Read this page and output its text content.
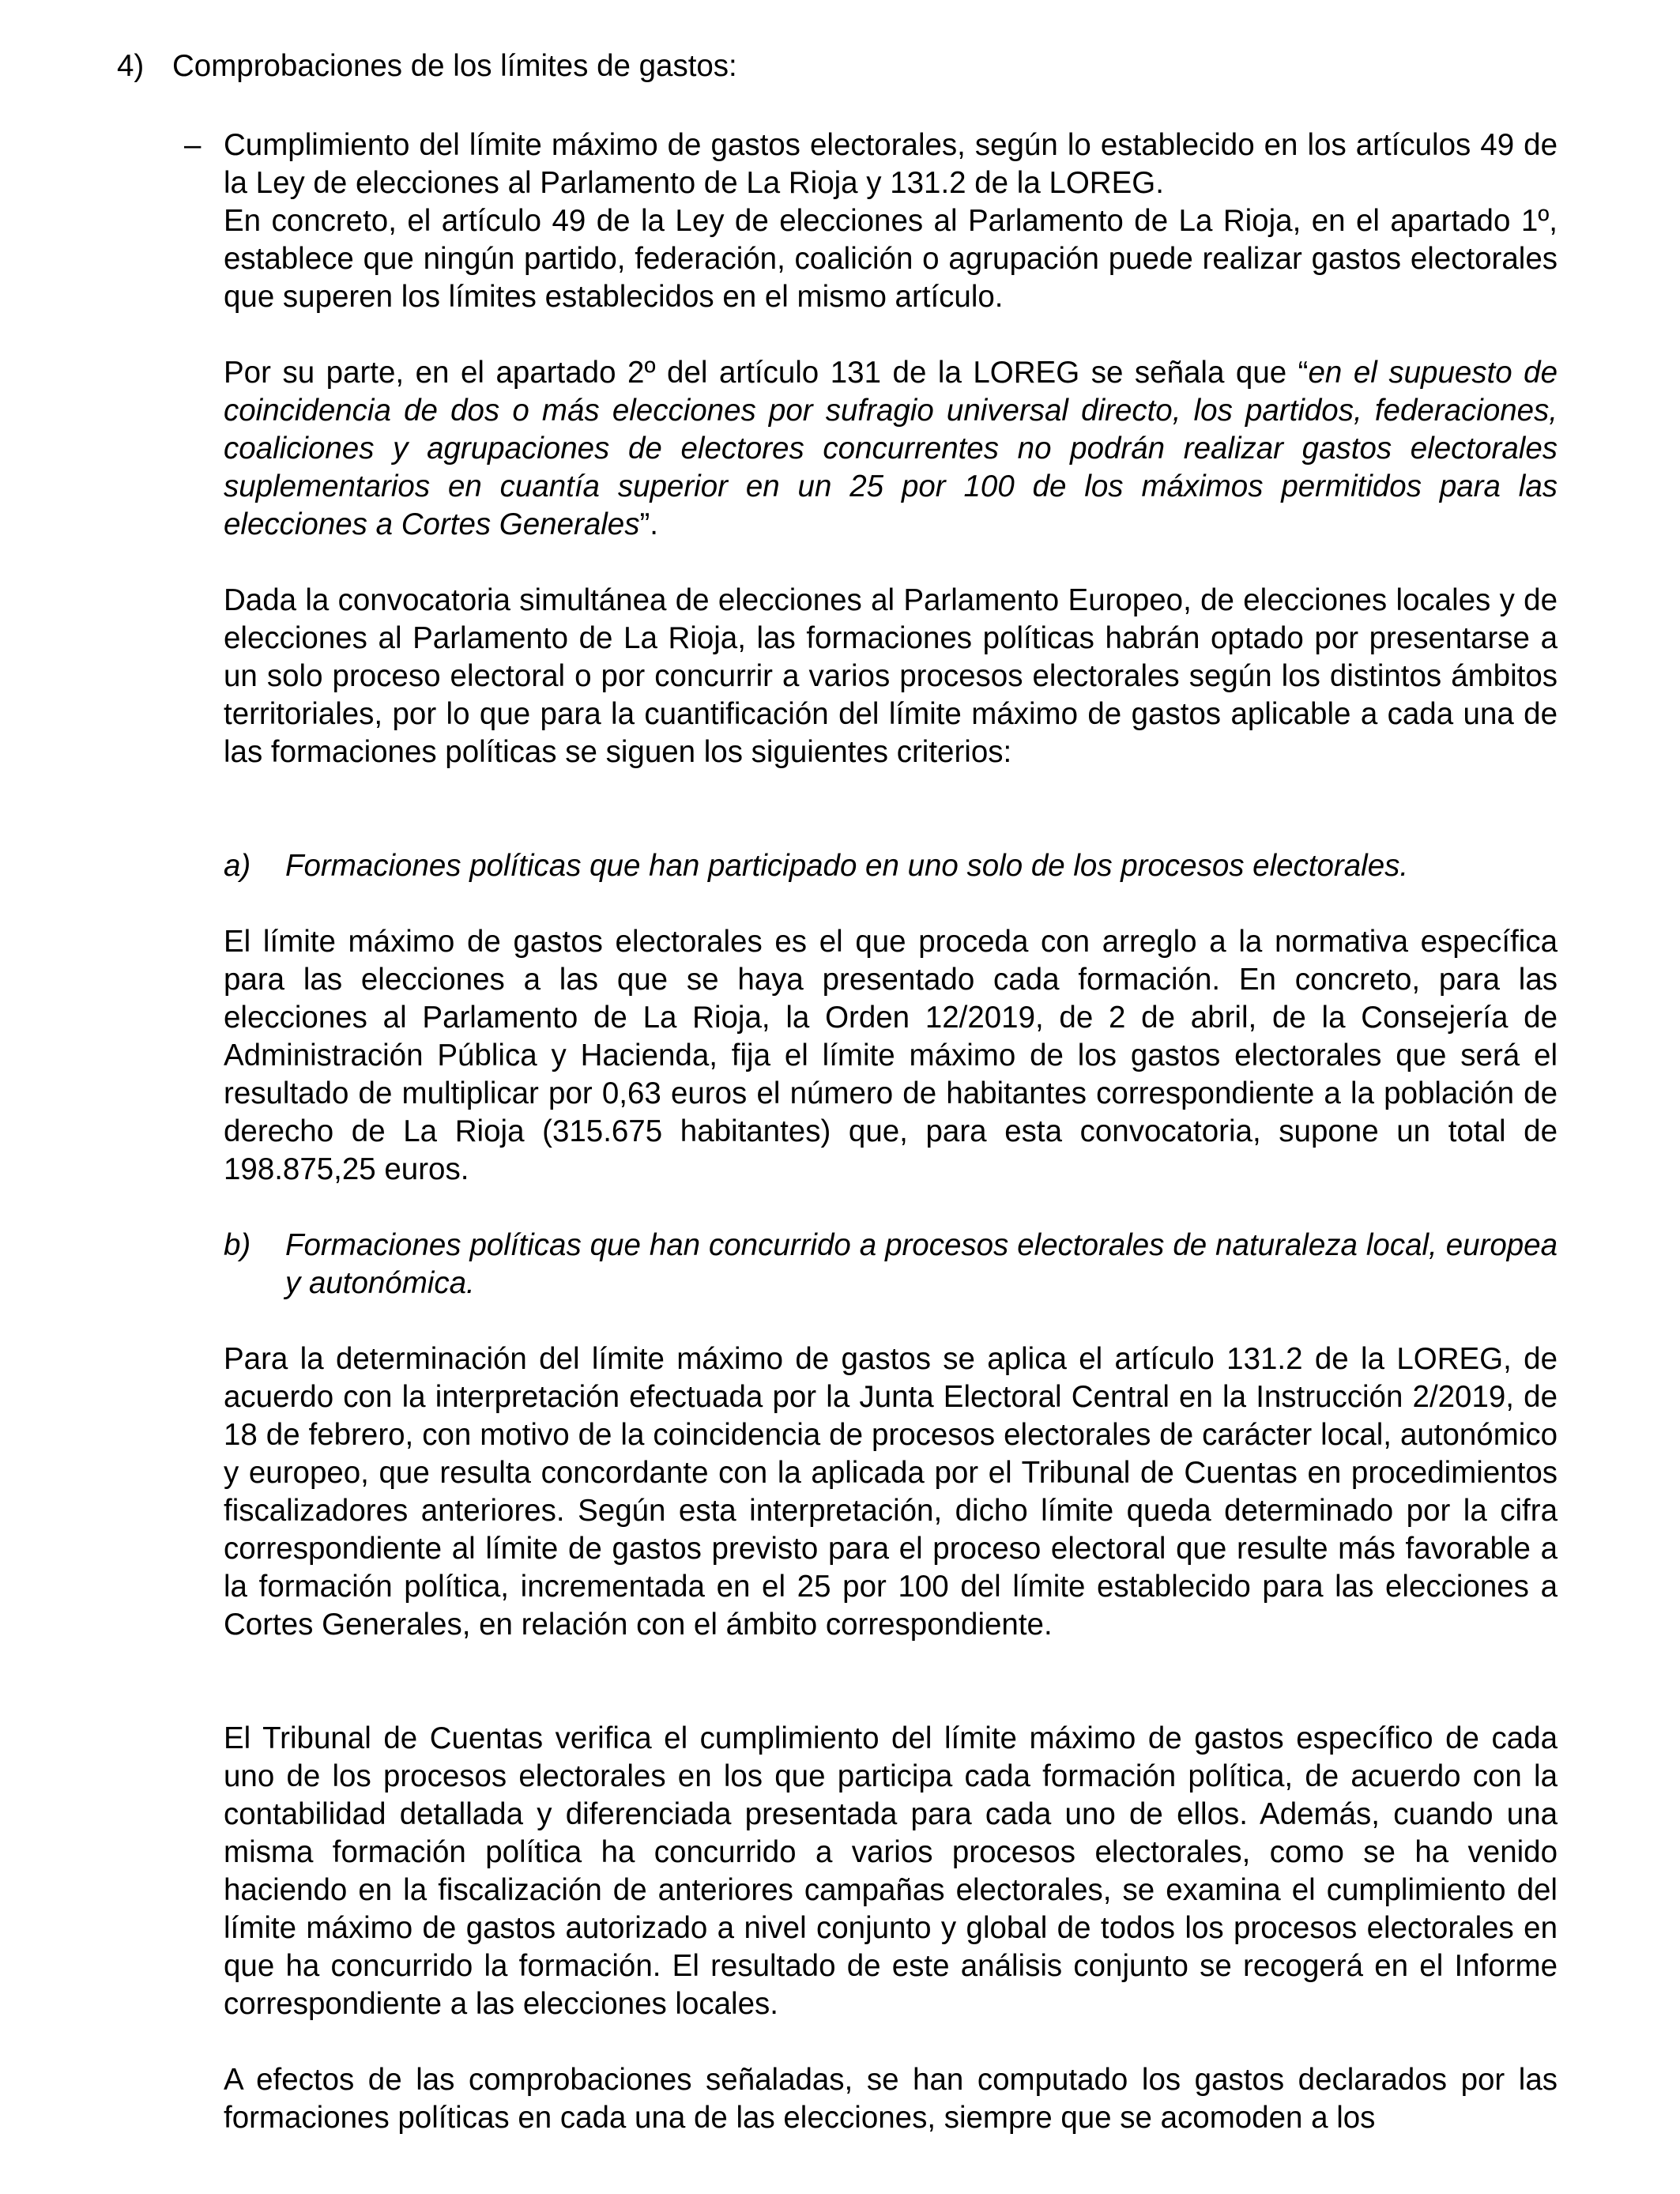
4) Comprobaciones de los límites de gastos:
– Cumplimiento del límite máximo de gastos electorales, según lo establecido en los artículos 49 de la Ley de elecciones al Parlamento de La Rioja y 131.2 de la LOREG.

En concreto, el artículo 49 de la Ley de elecciones al Parlamento de La Rioja, en el apartado 1º, establece que ningún partido, federación, coalición o agrupación puede realizar gastos electorales que superen los límites establecidos en el mismo artículo.

Por su parte, en el apartado 2º del artículo 131 de la LOREG se señala que “en el supuesto de coincidencia de dos o más elecciones por sufragio universal directo, los partidos, federaciones, coaliciones y agrupaciones de electores concurrentes no podrán realizar gastos electorales suplementarios en cuantía superior en un 25 por 100 de los máximos permitidos para las elecciones a Cortes Generales”.

Dada la convocatoria simultánea de elecciones al Parlamento Europeo, de elecciones locales y de elecciones al Parlamento de La Rioja, las formaciones políticas habrán optado por presentarse a un solo proceso electoral o por concurrir a varios procesos electorales según los distintos ámbitos territoriales, por lo que para la cuantificación del límite máximo de gastos aplicable a cada una de las formaciones políticas se siguen los siguientes criterios:

a) Formaciones políticas que han participado en uno solo de los procesos electorales.

El límite máximo de gastos electorales es el que proceda con arreglo a la normativa específica para las elecciones a las que se haya presentado cada formación. En concreto, para las elecciones al Parlamento de La Rioja, la Orden 12/2019, de 2 de abril, de la Consejería de Administración Pública y Hacienda, fija el límite máximo de los gastos electorales que será el resultado de multiplicar por 0,63 euros el número de habitantes correspondiente a la población de derecho de La Rioja (315.675 habitantes) que, para esta convocatoria, supone un total de 198.875,25 euros.

b) Formaciones políticas que han concurrido a procesos electorales de naturaleza local, europea y autonómica.

Para la determinación del límite máximo de gastos se aplica el artículo 131.2 de la LOREG, de acuerdo con la interpretación efectuada por la Junta Electoral Central en la Instrucción 2/2019, de 18 de febrero, con motivo de la coincidencia de procesos electorales de carácter local, autonómico y europeo, que resulta concordante con la aplicada por el Tribunal de Cuentas en procedimientos fiscalizadores anteriores. Según esta interpretación, dicho límite queda determinado por la cifra correspondiente al límite de gastos previsto para el proceso electoral que resulte más favorable a la formación política, incrementada en el 25 por 100 del límite establecido para las elecciones a Cortes Generales, en relación con el ámbito correspondiente.

El Tribunal de Cuentas verifica el cumplimiento del límite máximo de gastos específico de cada uno de los procesos electorales en los que participa cada formación política, de acuerdo con la contabilidad detallada y diferenciada presentada para cada uno de ellos. Además, cuando una misma formación política ha concurrido a varios procesos electorales, como se ha venido haciendo en la fiscalización de anteriores campañas electorales, se examina el cumplimiento del límite máximo de gastos autorizado a nivel conjunto y global de todos los procesos electorales en que ha concurrido la formación. El resultado de este análisis conjunto se recogerá en el Informe correspondiente a las elecciones locales.

A efectos de las comprobaciones señaladas, se han computado los gastos declarados por las formaciones políticas en cada una de las elecciones, siempre que se acomoden a los
